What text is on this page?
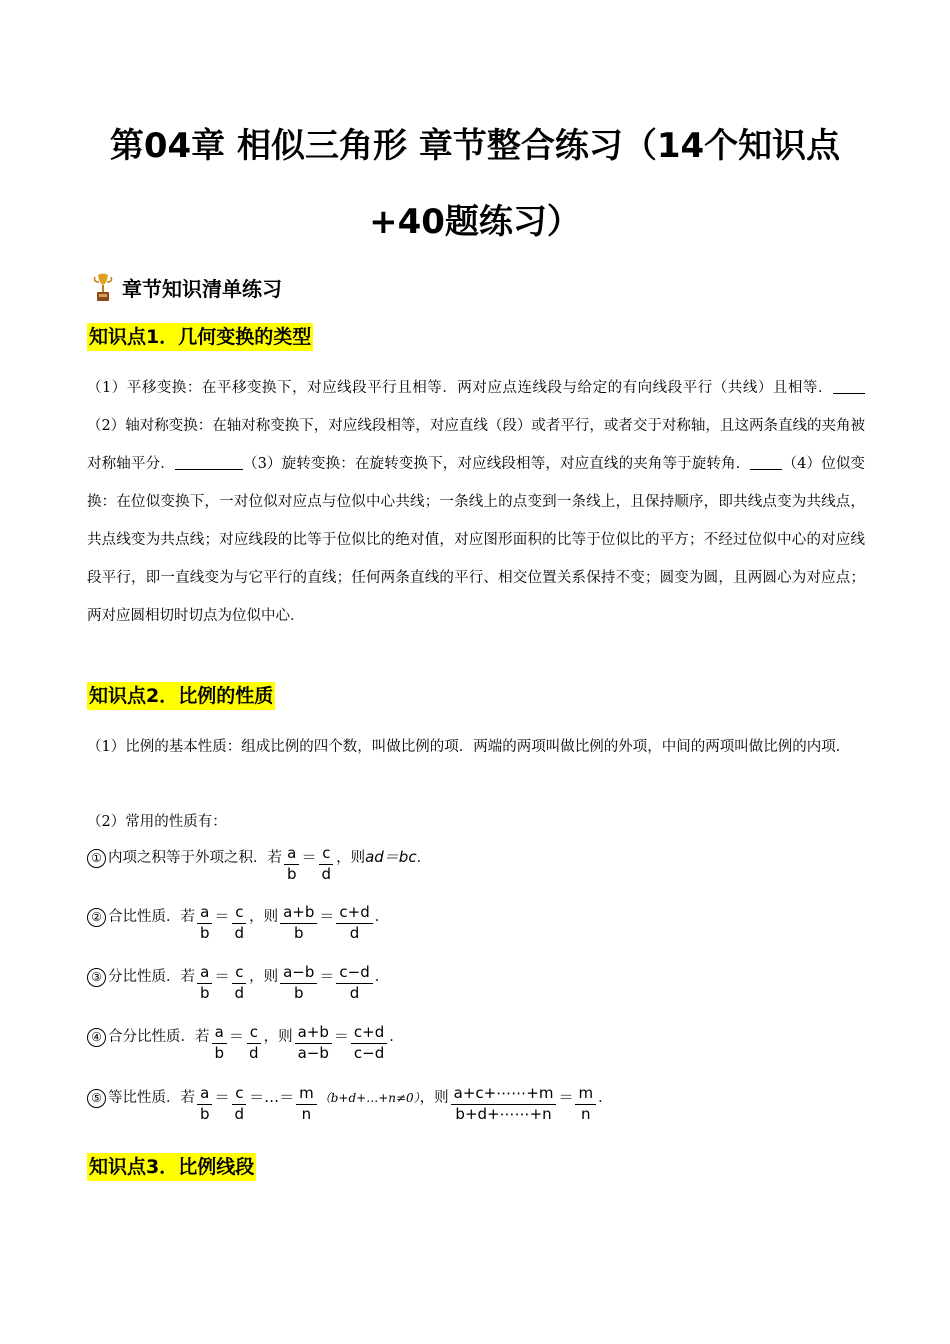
第04章 相似三角形 章节整合练习（14个知识点
+40题练习）
章节知识清单练习
知识点1．几何变换的类型
（1）平移变换：在平移变换下，对应线段平行且相等．两对应点连线段与给定的有向线段平行（共线）且相等．（2）轴对称变换：在轴对称变换下，对应线段相等，对应直线（段）或者平行，或者交于对称轴，且这两条直线的夹角被对称轴平分．	（3）旋转变换：在旋转变换下，对应线段相等，对应直线的夹角等于旋转角． （4）位似变换：在位似变换下，一对位似对应点与位似中心共线；一条线上的点变到一条线上，且保持顺序，即共线点变为共线点，共点线变为共点线；对应线段的比等于位似比的绝对值，对应图形面积的比等于位似比的平方；不经过位似中心的对应线段平行，即一直线变为与它平行的直线；任何两条直线的平行、相交位置关系保持不变；圆变为圆，且两圆心为对应点；两对应圆相切时切点为位似中心．
知识点2．比例的性质
（1）比例的基本性质：组成比例的四个数，叫做比例的项．两端的两项叫做比例的外项，中间的两项叫做比例的内项．
（2）常用的性质有：
① 内项之积等于外项之积．若 $\frac{a}{b} = \frac{c}{d}$ ，则ad＝bc．
② 合比性质．若 $\frac{a}{b} = \frac{c}{d}$ ，则 $\frac{a+b}{b} = \frac{c+d}{d}$ ．
③ 分比性质．若 $\frac{a}{b} = \frac{c}{d}$ ，则 $\frac{a-b}{b} = \frac{c-d}{d}$ ．
④ 合分比性质．若 $\frac{a}{b} = \frac{c}{d}$ ，则 $\frac{a+b}{a-b} = \frac{c+d}{c-d}$ ．
⑤ 等比性质．若 $\frac{a}{b} = \frac{c}{d}$ ＝…＝ $\frac{m}{n}$ （b+d+…+n≠0），则 $\frac{a+c+\cdots\cdots+m}{b+d+\cdots\cdots+n} = \frac{m}{n}$ ．
知识点3．比例线段
